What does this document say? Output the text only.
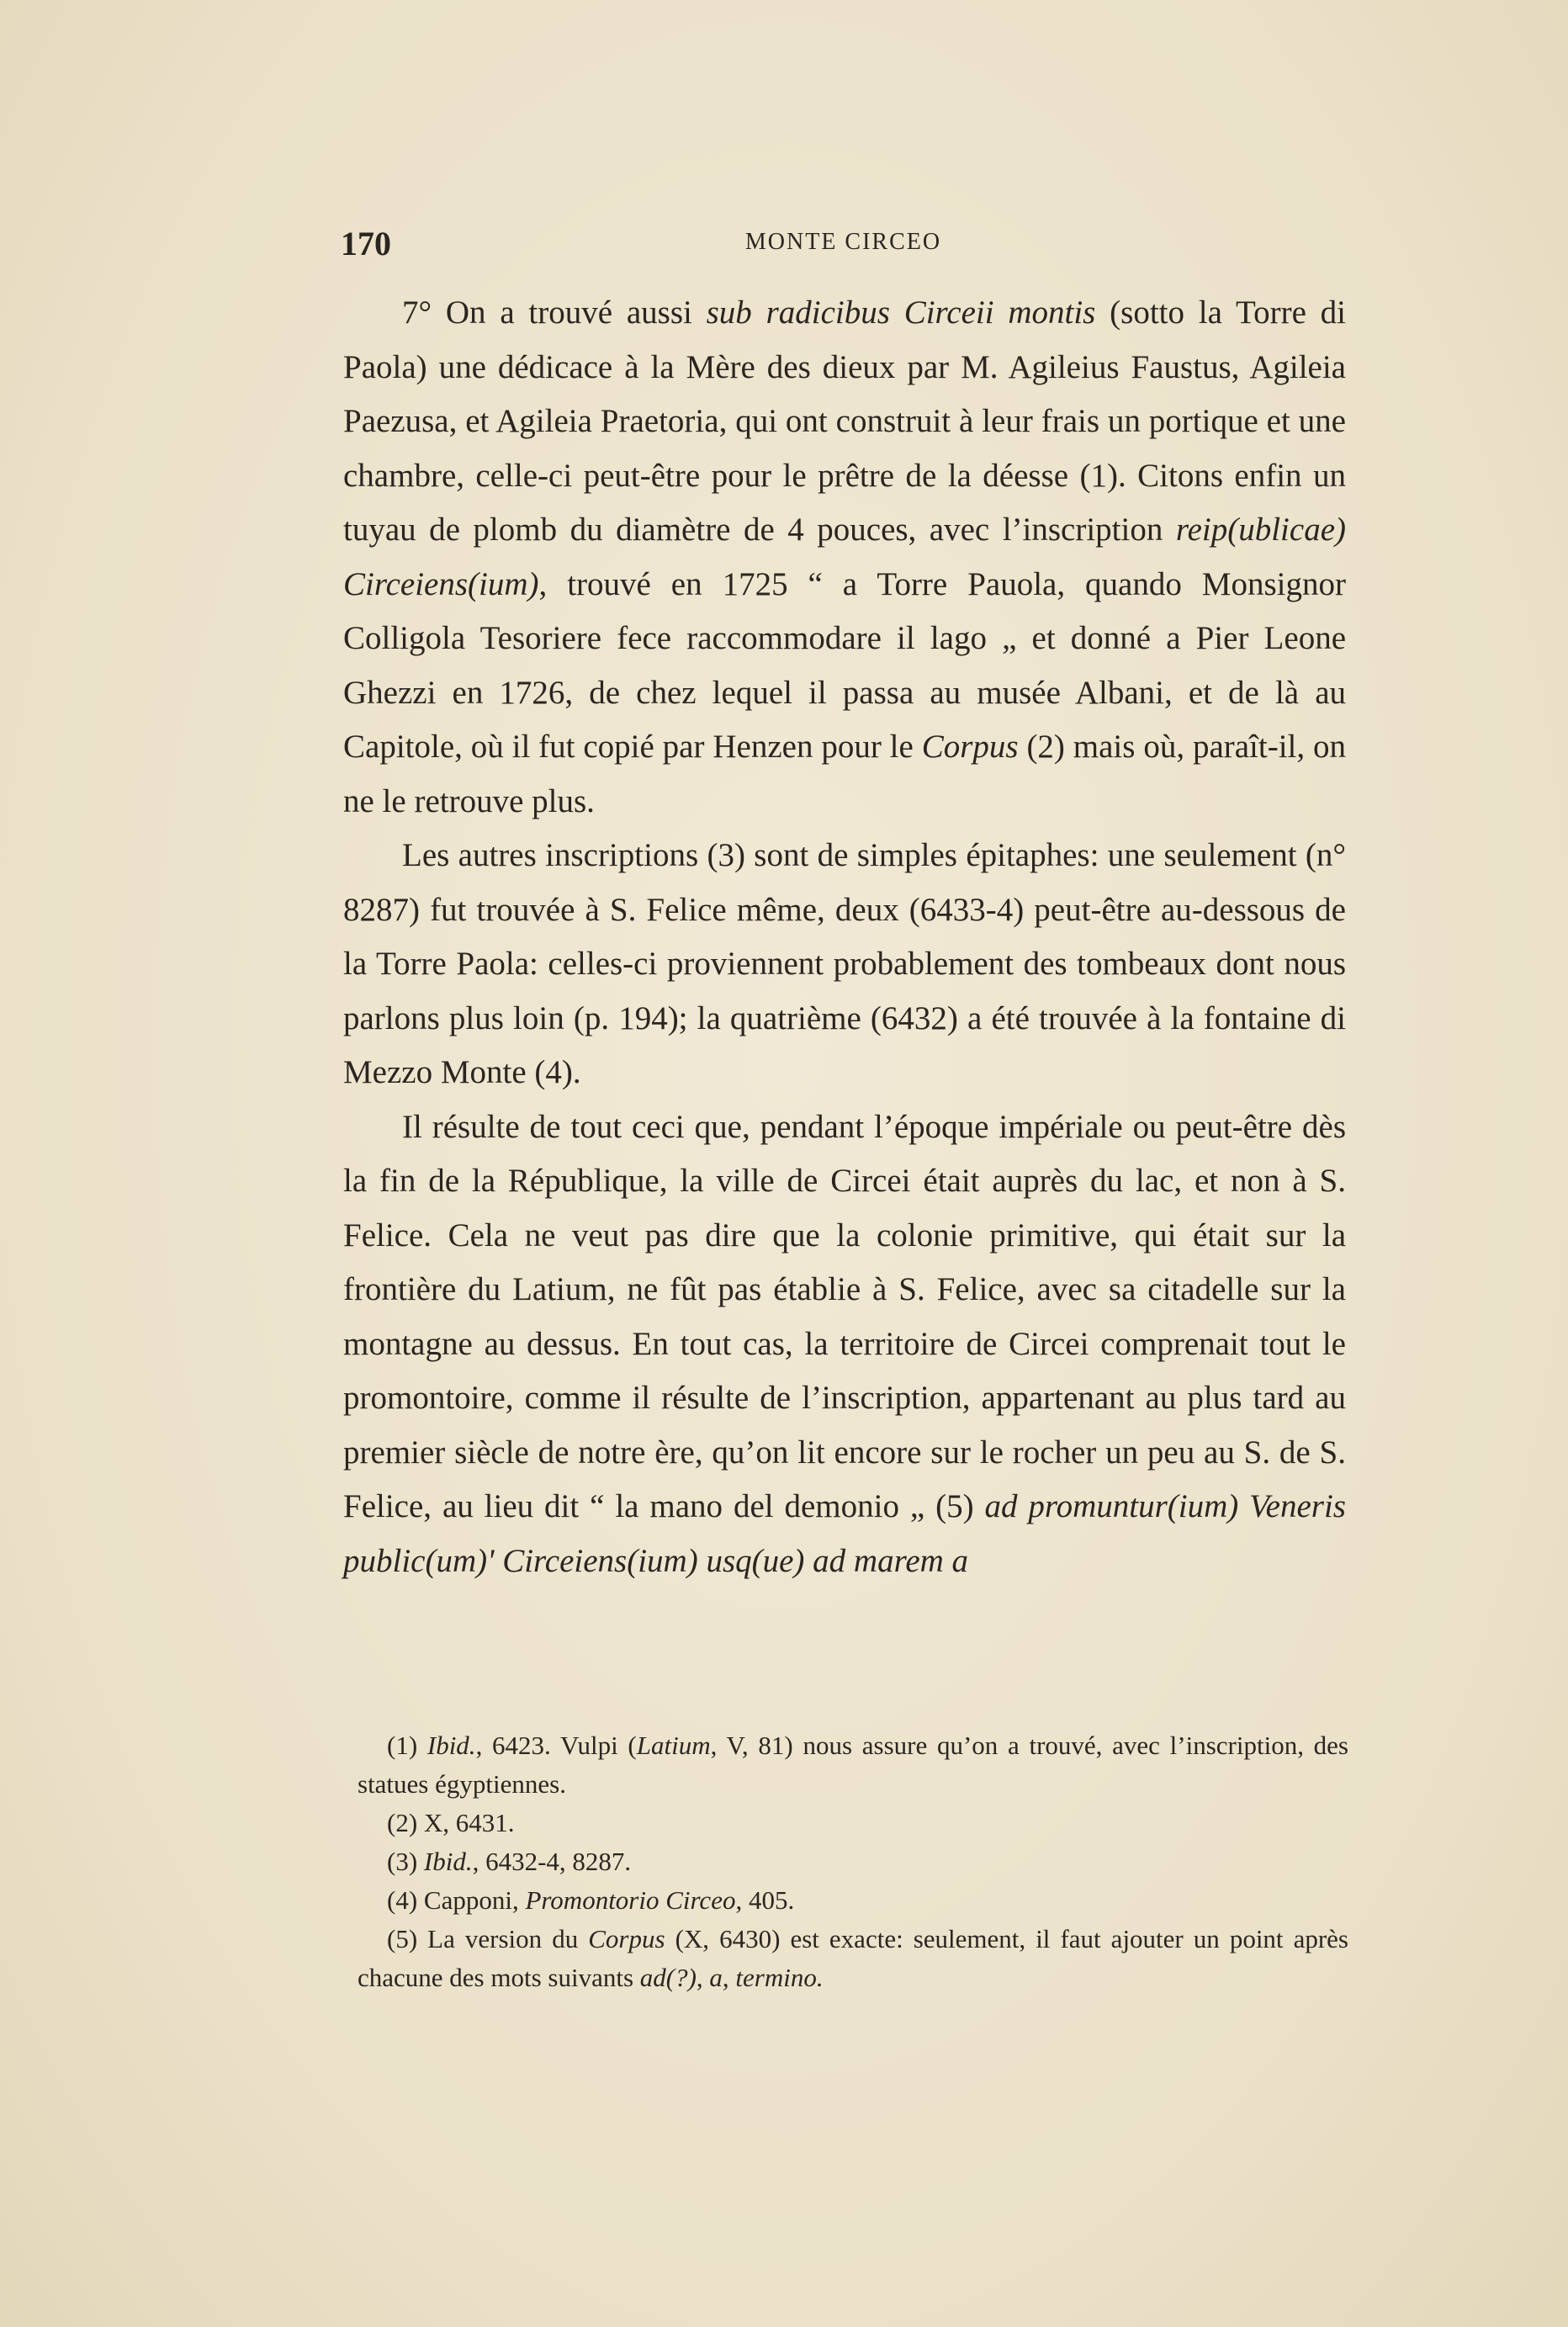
170	MONTE CIRCEO

7° On a trouvé aussi sub radicibus Circeii montis (sotto la Torre di Paola) une dédicace à la Mère des dieux par M. Agileius Faustus, Agileia Paezusa, et Agileia Praetoria, qui ont construit à leur frais un portique et une chambre, celle-ci peut-être pour le prêtre de la déesse (1). Citons enfin un tuyau de plomb du diamètre de 4 pouces, avec l’inscription reip(ublicae) Circeiens(ium), trouvé en 1725 “ a Torre Pauola, quando Monsignor Colligola Tesoriere fece raccommodare il lago „ et donné a Pier Leone Ghezzi en 1726, de chez lequel il passa au musée Albani, et de là au Capitole, où il fut copié par Henzen pour le Corpus (2) mais où, paraît-il, on ne le retrouve plus.

Les autres inscriptions (3) sont de simples épitaphes: une seulement (n° 8287) fut trouvée à S. Felice même, deux (6433-4) peut-être au-dessous de la Torre Paola: celles-ci proviennent probablement des tombeaux dont nous parlons plus loin (p. 194); la quatrième (6432) a été trouvée à la fontaine di Mezzo Monte (4).

Il résulte de tout ceci que, pendant l’époque impériale ou peut-être dès la fin de la République, la ville de Circei était auprès du lac, et non à S. Felice. Cela ne veut pas dire que la colonie primitive, qui était sur la frontière du Latium, ne fût pas établie à S. Felice, avec sa citadelle sur la montagne au dessus. En tout cas, la territoire de Circei comprenait tout le promontoire, comme il résulte de l’inscription, appartenant au plus tard au premier siècle de notre ère, qu’on lit encore sur le rocher un peu au S. de S. Felice, au lieu dit “ la mano del demonio „ (5) ad promuntur(ium) Veneris public(um)' Circeiens(ium) usq(ue) ad marem a

(1) Ibid., 6423. Vulpi (Latium, V, 81) nous assure qu’on a trouvé, avec l’inscription, des statues égyptiennes.

(2) X, 6431.

(3) Ibid., 6432-4, 8287.

(4) Capponi, Promontorio Circeo, 405.

(5) La version du Corpus (X, 6430) est exacte: seulement, il faut ajouter un point après chacune des mots suivants ad(?), a, termino.
